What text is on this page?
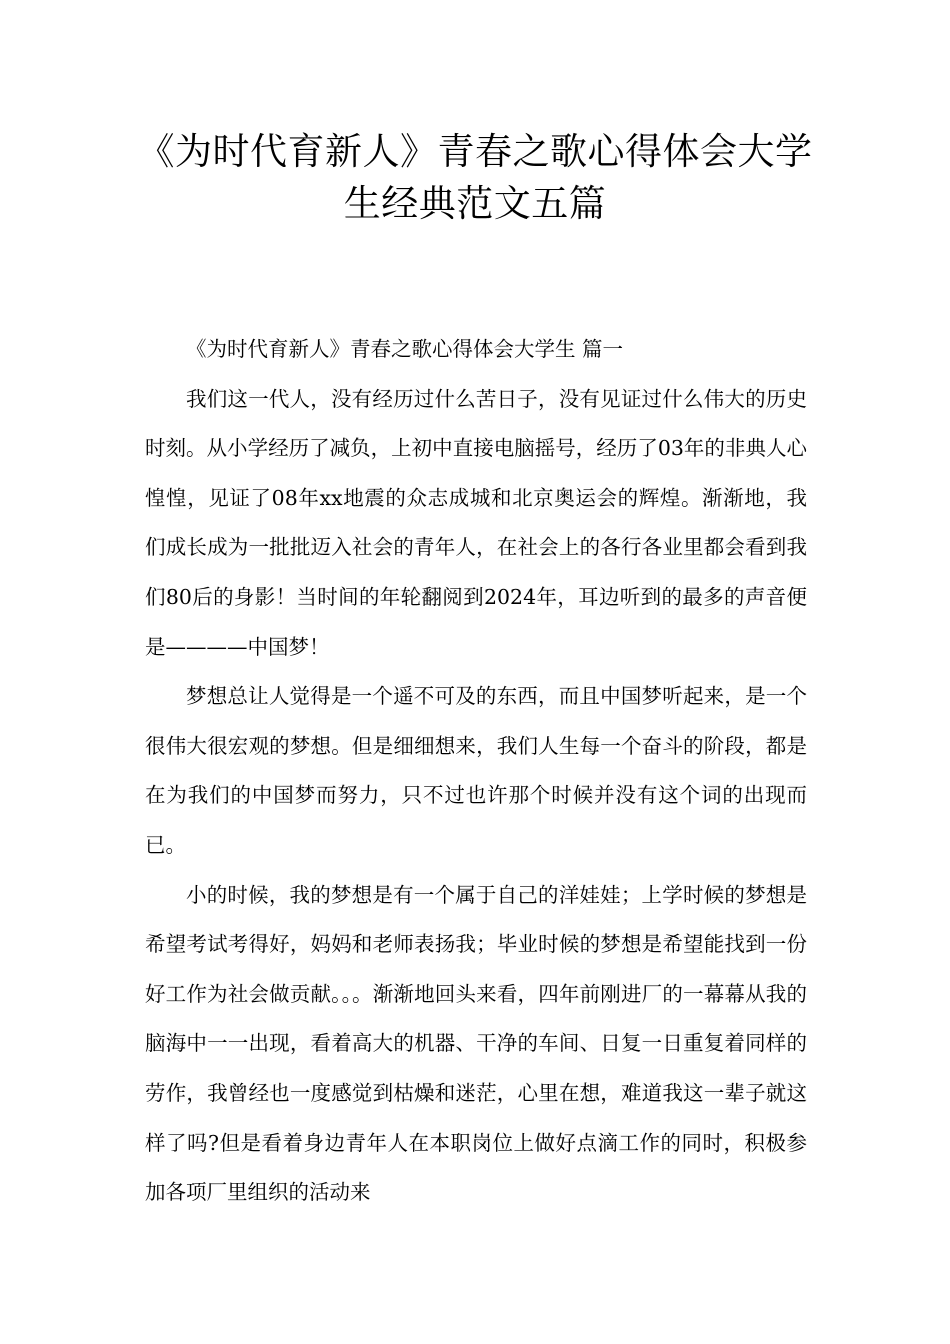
《为时代育新人》青春之歌心得体会大学生经典范文五篇
《为时代育新人》青春之歌心得体会大学生 篇一

我们这一代人，没有经历过什么苦日子，没有见证过什么伟大的历史时刻。从小学经历了减负，上初中直接电脑摇号，经历了03年的非典人心惶惶，见证了08年xx地震的众志成城和北京奥运会的辉煌。渐渐地，我们成长成为一批批迈入社会的青年人，在社会上的各行各业里都会看到我们80后的身影！当时间的年轮翻阅到2024年，耳边听到的最多的声音便是————中国梦！

梦想总让人觉得是一个遥不可及的东西，而且中国梦听起来，是一个很伟大很宏观的梦想。但是细细想来，我们人生每一个奋斗的阶段，都是在为我们的中国梦而努力，只不过也许那个时候并没有这个词的出现而已。

小的时候，我的梦想是有一个属于自己的洋娃娃；上学时候的梦想是希望考试考得好，妈妈和老师表扬我；毕业时候的梦想是希望能找到一份好工作为社会做贡献。。。渐渐地回头来看，四年前刚进厂的一幕幕从我的脑海中一一出现，看着高大的机器、干净的车间、日复一日重复着同样的劳作，我曾经也一度感觉到枯燥和迷茫，心里在想，难道我这一辈子就这样了吗?但是看着身边青年人在本职岗位上做好点滴工作的同时，积极参加各项厂里组织的活动来
